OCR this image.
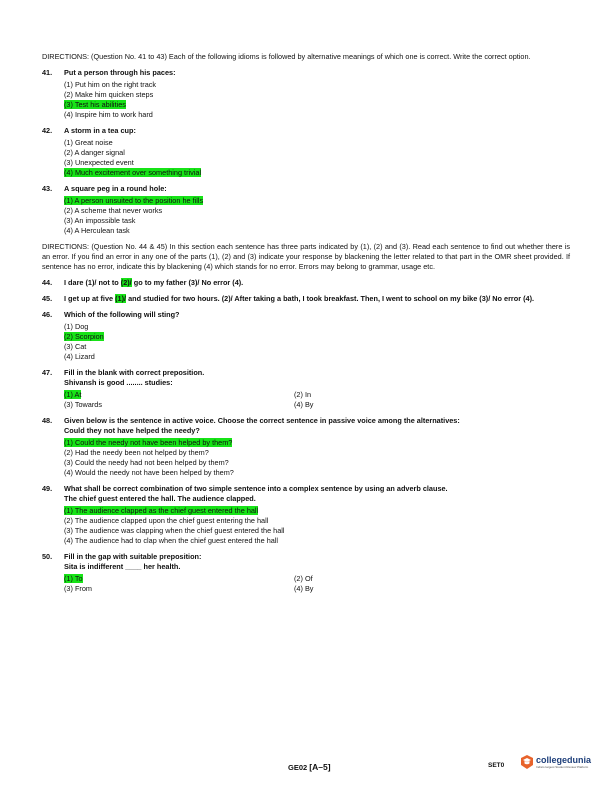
DIRECTIONS: (Question No. 41 to 43) Each of the following idioms is followed by alternative meanings of which one is correct. Write the correct option.
41.	Put a person through his paces:
(1) Put him on the right track
(2) Make him quicken steps
(3) Test his abilities
(4) Inspire him to work hard
42.	A storm in a tea cup:
(1) Great noise
(2) A danger signal
(3) Unexpected event
(4) Much excitement over something trivial
43.	A square peg in a round hole:
(1) A person unsuited to the position he fills
(2) A scheme that never works
(3) An impossible task
(4) A Herculean task
DIRECTIONS: (Question No. 44 & 45) In this section each sentence has three parts indicated by (1), (2) and (3). Read each sentence to find out whether there is an error. If you find an error in any one of the parts (1), (2) and (3) indicate your response by blackening the letter related to that part in the OMR sheet provided. If sentence has no error, indicate this by blackening (4) which stands for no error. Errors may belong to grammar, usage etc.
44.	I dare (1)/ not to (2)/ go to my father (3)/ No error (4).
45.	I get up at five (1)/ and studied for two hours. (2)/ After taking a bath, I took breakfast. Then, I went to school on my bike (3)/ No error (4).
46.	Which of the following will sting?
(1) Dog
(2) Scorpion
(3) Cat
(4) Lizard
47.	Fill in the blank with correct preposition.
Shivansh is good ........ studies:
(1) At	(2) In
(3) Towards	(4) By
48.	Given below is the sentence in active voice. Choose the correct sentence in passive voice among the alternatives:
Could they not have helped the needy?
(1) Could the needy not have been helped by them?
(2) Had the needy been not helped by them?
(3) Could the needy had not been helped by them?
(4) Would the needy not have been helped by them?
49.	What shall be correct combination of two simple sentence into a complex sentence by using an adverb clause.
The chief guest entered the hall. The audience clapped.
(1) The audience clapped as the chief guest entered the hall
(2) The audience clapped upon the chief guest entering the hall
(3) The audience was clapping when the chief guest entered the hall
(4) The audience had to clap when the chief guest entered the hall
50.	Fill in the gap with suitable preposition:
Sita is indifferent ____ her health.
(1) To	(2) Of
(3) From	(4) By
GE02 [A–5]	SET0
collegedunia
India's largest Student Review Platform
